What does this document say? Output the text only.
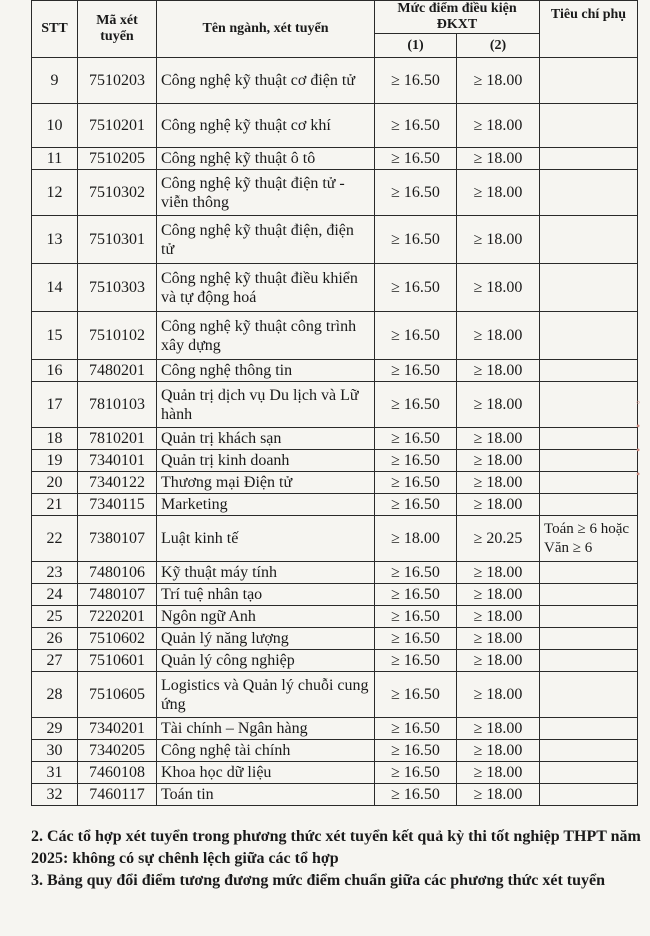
STT	Mã xét tuyển	Tên ngành, xét tuyển	Mức điểm điều kiện ĐKXT		Tiêu chí phụ
			(1)	(2)	
9	7510203	Công nghệ kỹ thuật cơ điện tử	≥ 16.50	≥ 18.00	
10	7510201	Công nghệ kỹ thuật cơ khí	≥ 16.50	≥ 18.00	
11	7510205	Công nghệ kỹ thuật ô tô	≥ 16.50	≥ 18.00	
12	7510302	Công nghệ kỹ thuật điện tử - viễn thông	≥ 16.50	≥ 18.00	
13	7510301	Công nghệ kỹ thuật điện, điện tử	≥ 16.50	≥ 18.00	
14	7510303	Công nghệ kỹ thuật điều khiển và tự động hoá	≥ 16.50	≥ 18.00	
15	7510102	Công nghệ kỹ thuật công trình xây dựng	≥ 16.50	≥ 18.00	
16	7480201	Công nghệ thông tin	≥ 16.50	≥ 18.00	
17	7810103	Quản trị dịch vụ Du lịch và Lữ hành	≥ 16.50	≥ 18.00	
18	7810201	Quản trị khách sạn	≥ 16.50	≥ 18.00	
19	7340101	Quản trị kinh doanh	≥ 16.50	≥ 18.00	
20	7340122	Thương mại Điện tử	≥ 16.50	≥ 18.00	
21	7340115	Marketing	≥ 16.50	≥ 18.00	
22	7380107	Luật kinh tế	≥ 18.00	≥ 20.25	Toán ≥ 6 hoặc Văn ≥ 6
23	7480106	Kỹ thuật máy tính	≥ 16.50	≥ 18.00	
24	7480107	Trí tuệ nhân tạo	≥ 16.50	≥ 18.00	
25	7220201	Ngôn ngữ Anh	≥ 16.50	≥ 18.00	
26	7510602	Quản lý năng lượng	≥ 16.50	≥ 18.00	
27	7510601	Quản lý công nghiệp	≥ 16.50	≥ 18.00	
28	7510605	Logistics và Quản lý chuỗi cung ứng	≥ 16.50	≥ 18.00	
29	7340201	Tài chính – Ngân hàng	≥ 16.50	≥ 18.00	
30	7340205	Công nghệ tài chính	≥ 16.50	≥ 18.00	
31	7460108	Khoa học dữ liệu	≥ 16.50	≥ 18.00	
32	7460117	Toán tin	≥ 16.50	≥ 18.00	

2. Các tổ hợp xét tuyển trong phương thức xét tuyển kết quả kỳ thi tốt nghiệp THPT năm 2025: không có sự chênh lệch giữa các tổ hợp

3. Bảng quy đổi điểm tương đương mức điểm chuẩn giữa các phương thức xét tuyển

◦
•
•
•
